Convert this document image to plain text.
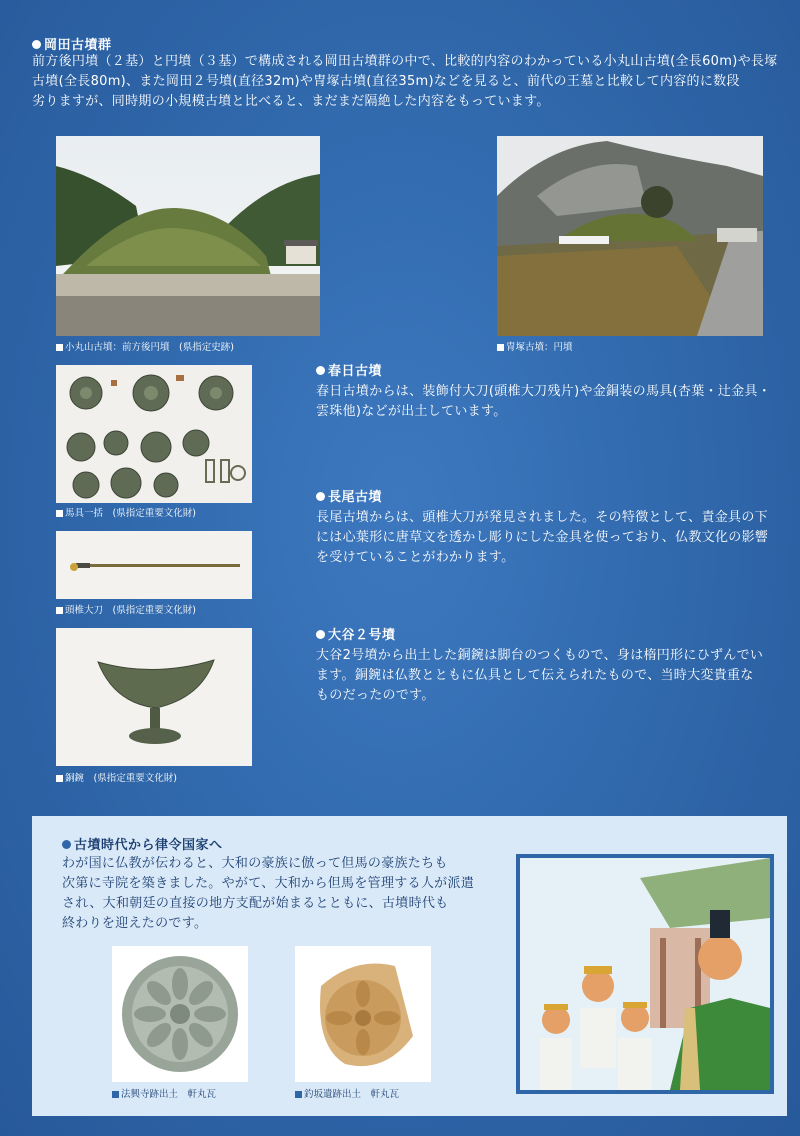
岡田古墳群
前方後円墳（２基）と円墳（３基）で構成される岡田古墳群の中で、比較的内容のわかっている小丸山古墳(全長60m)や長塚
古墳(全長80m)、また岡田２号墳(直径32m)や冑塚古墳(直径35m)などを見ると、前代の王墓と比較して内容的に数段
劣りますが、同時期の小規模古墳と比べると、まだまだ隔絶した内容をもっています。
小丸山古墳：前方後円墳　(県指定史跡)	冑塚古墳：円墳
馬具一括　(県指定重要文化財)
春日古墳
春日古墳からは、装飾付大刀(頭椎大刀残片)や金銅装の馬具(杏葉・辻金具・
雲珠他)などが出土しています。
頭椎大刀　(県指定重要文化財)
長尾古墳
長尾古墳からは、頭椎大刀が発見されました。その特徴として、責金具の下
には心葉形に唐草文を透かし彫りにした金具を使っており、仏教文化の影響
を受けていることがわかります。
銅鋺　(県指定重要文化財)
大谷２号墳
大谷2号墳から出土した銅鋺は脚台のつくもので、身は楕円形にひずんでい
ます。銅鋺は仏教とともに仏具として伝えられたもので、当時大変貴重な
ものだったのです。
古墳時代から律令国家へ
わが国に仏教が伝わると、大和の豪族に倣って但馬の豪族たちも
次第に寺院を築きました。やがて、大和から但馬を管理する人が派遣
され、大和朝廷の直接の地方支配が始まるとともに、古墳時代も
終わりを迎えたのです。
法興寺跡出土　軒丸瓦	釣坂遺跡出土　軒丸瓦
